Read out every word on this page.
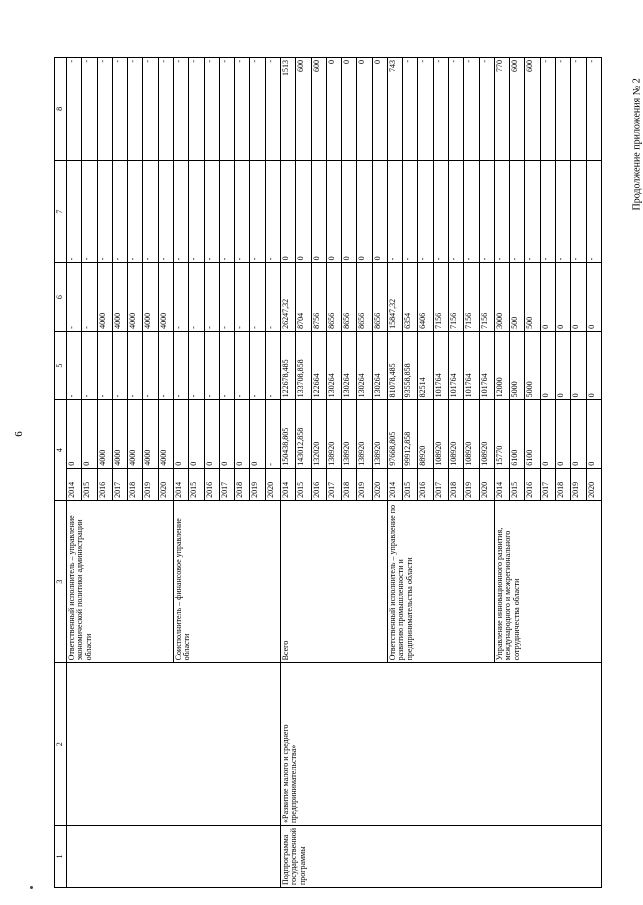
6
Продолжение приложения № 2
1	2	3	4		5	6	7	8
		Ответственный исполнитель – управление экономической политики администрации области	2014	0	-	-	-	-
			2015	0	-	-	-	-
			2016	4000	-	4000	-	-
			2017	4000	-	4000	-	-
			2018	4000	-	4000	-	-
			2019	4000	-	4000	-	-
			2020	4000	-	4000	-	-
		Соисполнитель – финансовое управление области	2014	0	-	-	-	-
			2015	0	-	-	-	-
			2016	0	-	-	-	-
			2017	0	-	-	-	-
			2018	0	-	-	-	-
			2019	0	-	-	-	-
			2020	-	-	-	-	-
Подпрограмма государственной программы	«Развитие малого и среднего предпринимательства»	Всего	2014	150438,805	122678,485	26247,32	0	1513
			2015	143012,858	133708,858	8704	0	600
			2016	132020	122664	8756	0	600
			2017	138920	130264	8656	0	0
			2018	138920	130264	8656	0	0
			2019	138920	130264	8656	0	0
			2020	138920	130264	8656	0	0
		Ответственный исполнитель – управление по развитию промышленности и предпринимательства области	2014	97668,805	81078,485	15847,32	-	743
			2015	99912,858	93558,858	6354	-	-
			2016	88920	82514	6406	-	-
			2017	108920	101764	7156	-	-
			2018	108920	101764	7156	-	-
			2019	108920	101764	7156	-	-
			2020	108920	101764	7156	-	-
		Управление инновационного развития, международного и межрегионального сотрудничества области	2014	15770	12000	3000	-	770
			2015	6100	5000	500	-	600
			2016	6100	5000	500	-	600
			2017	0	0	0	-	-
			2018	0	0	0	-	-
			2019	0	0	0	-	-
			2020	0	0	0	-	-
